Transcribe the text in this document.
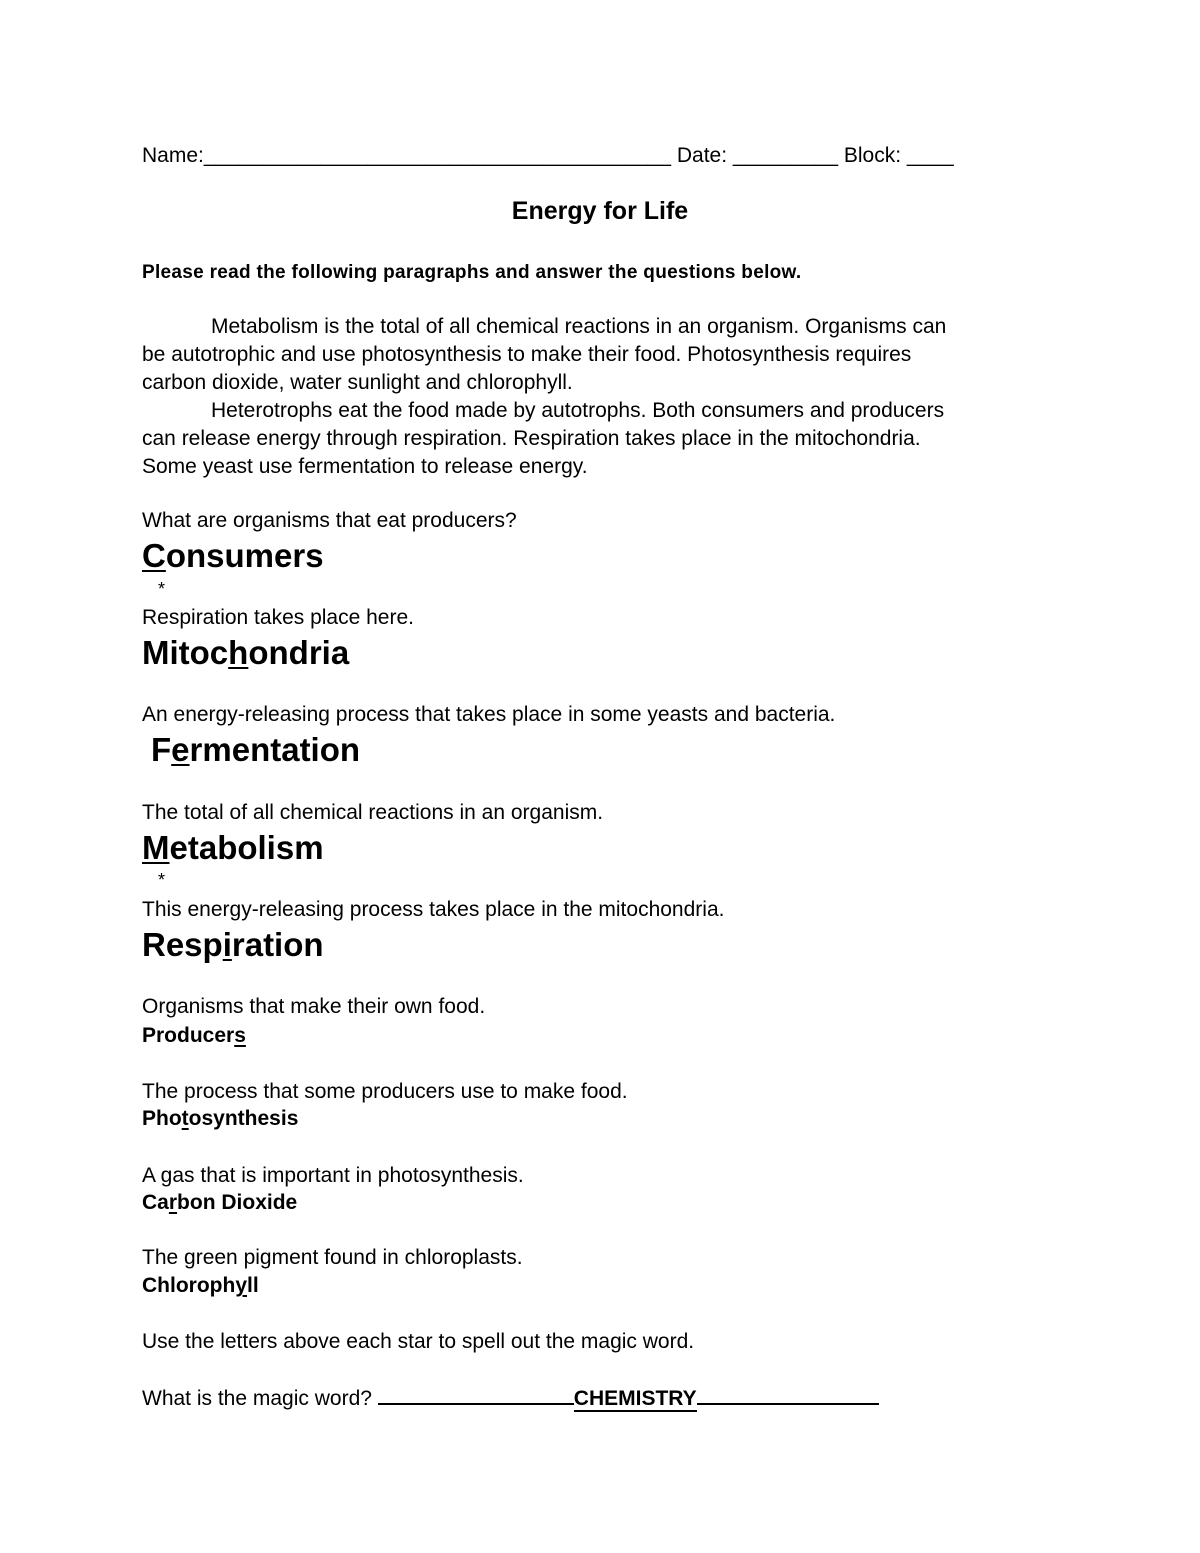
Name:________________________________________ Date: _________ Block: ____
Energy for Life
Please read the following paragraphs and answer the questions below.
Metabolism is the total of all chemical reactions in an organism. Organisms can
be autotrophic and use photosynthesis to make their food. Photosynthesis requires
carbon dioxide, water sunlight and chlorophyll.
Heterotrophs eat the food made by autotrophs. Both consumers and producers
can release energy through respiration. Respiration takes place in the mitochondria.
Some yeast use fermentation to release energy.
What are organisms that eat producers?
Consumers
*
Respiration takes place here.
Mitochondria
An energy-releasing process that takes place in some yeasts and bacteria.
Fermentation
The total of all chemical reactions in an organism.
Metabolism
*
This energy-releasing process takes place in the mitochondria.
Respiration
Organisms that make their own food.
Producers
The process that some producers use to make food.
Photosynthesis
A gas that is important in photosynthesis.
Carbon Dioxide
The green pigment found in chloroplasts.
Chlorophyll
Use the letters above each star to spell out the magic word.
What is the magic word?	CHEMISTRY
